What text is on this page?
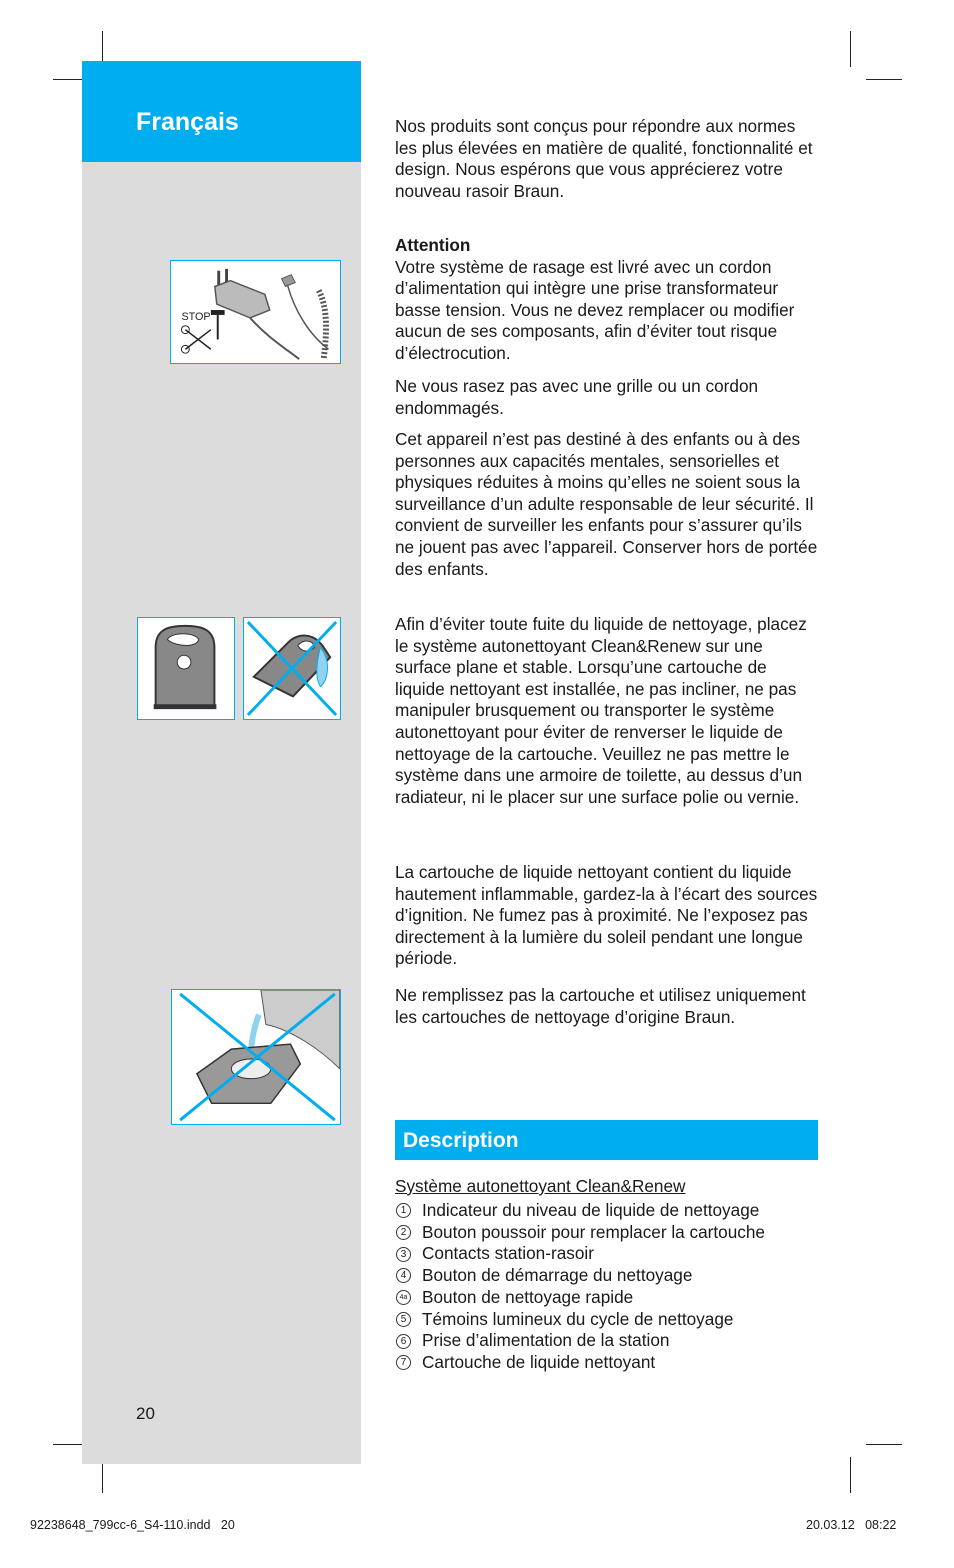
Français
STOP
Nos produits sont conçus pour répondre aux normes les plus élevées en matière de qualité, fonctionnalité et design. Nous espérons que vous apprécierez votre nouveau rasoir Braun.
Attention
Votre système de rasage est livré avec un cordon d’alimentation qui intègre une prise transformateur basse tension. Vous ne devez remplacer ou modifier aucun de ses composants, afin d’éviter tout risque d’électrocution.
Ne vous rasez pas avec une grille ou un cordon endommagés.
Cet appareil n’est pas destiné à des enfants ou à des personnes aux capacités mentales, sensorielles et physiques réduites à moins qu’elles ne soient sous la surveillance d’un adulte responsable de leur sécurité. Il convient de surveiller les enfants pour s’assurer qu’ils ne jouent pas avec l’appareil. Conserver hors de portée des enfants.
Afin d’éviter toute fuite du liquide de nettoyage, placez le système autonettoyant Clean&Renew sur une surface plane et stable. Lorsqu’une cartouche de liquide nettoyant est installée, ne pas incliner, ne pas manipuler brusquement ou transporter le système autonettoyant pour éviter de renverser le liquide de nettoyage de la cartouche. Veuillez ne pas mettre le système dans une armoire de toilette, au dessus d’un radiateur, ni le placer sur une surface polie ou vernie.
La cartouche de liquide nettoyant contient du liquide hautement inflammable, gardez-la à l’écart des sources d’ignition. Ne fumez pas à proximité. Ne l’exposez pas directement à la lumière du soleil pendant une longue période.
Ne remplissez pas la cartouche et utilisez uniquement les cartouches de nettoyage d’origine Braun.
Description
Système autonettoyant Clean&Renew
1 Indicateur du niveau de liquide de nettoyage
2 Bouton poussoir pour remplacer la cartouche
3 Contacts station-rasoir
4 Bouton de démarrage du nettoyage
4a Bouton de nettoyage rapide
5 Témoins lumineux du cycle de nettoyage
6 Prise d’alimentation de la station
7 Cartouche de liquide nettoyant
20
92238648_799cc-6_S4-110.indd   20	20.03.12   08:22
